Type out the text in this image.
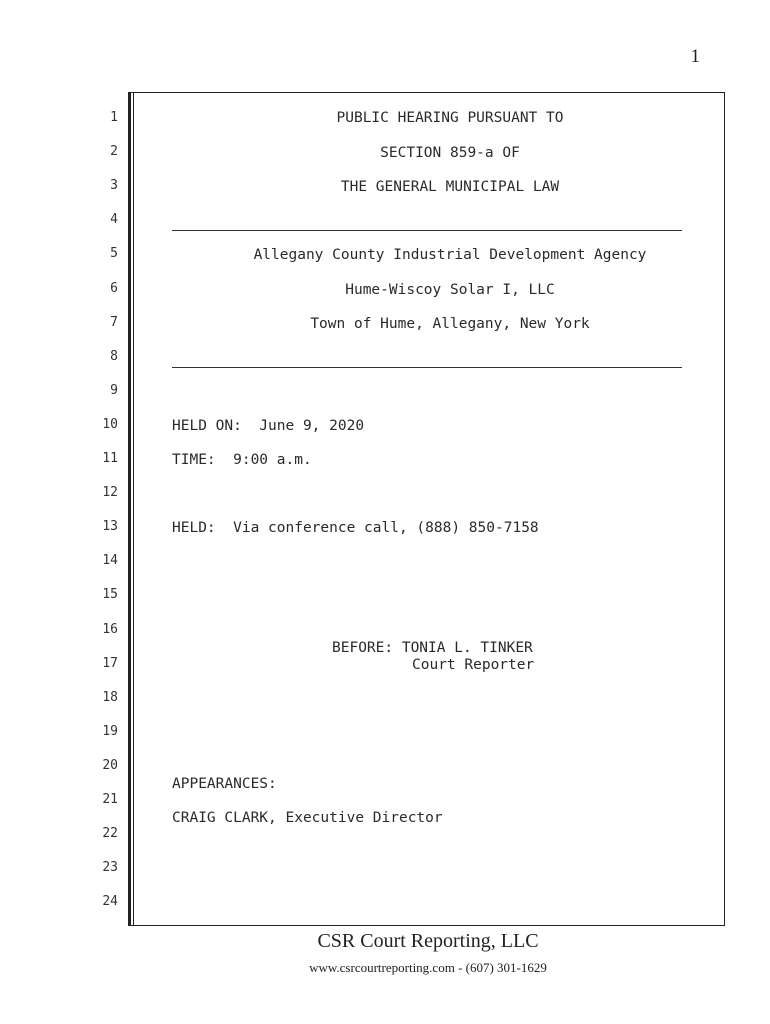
1
1
2
3
4
5
6
7
8
9
10
11
12
13
14
15
16
17
18
19
20
21
22
23
24
PUBLIC HEARING PURSUANT TO
SECTION 859-a OF
THE GENERAL MUNICIPAL LAW
Allegany County Industrial Development Agency
Hume-Wiscoy Solar I, LLC
Town of Hume, Allegany, New York
HELD ON:  June 9, 2020
TIME:  9:00 a.m.
HELD:  Via conference call, (888) 850-7158
BEFORE: TONIA L. TINKER
Court Reporter
APPEARANCES:
CRAIG CLARK, Executive Director
CSR Court Reporting, LLC
www.csrcourtreporting.com - (607) 301-1629
